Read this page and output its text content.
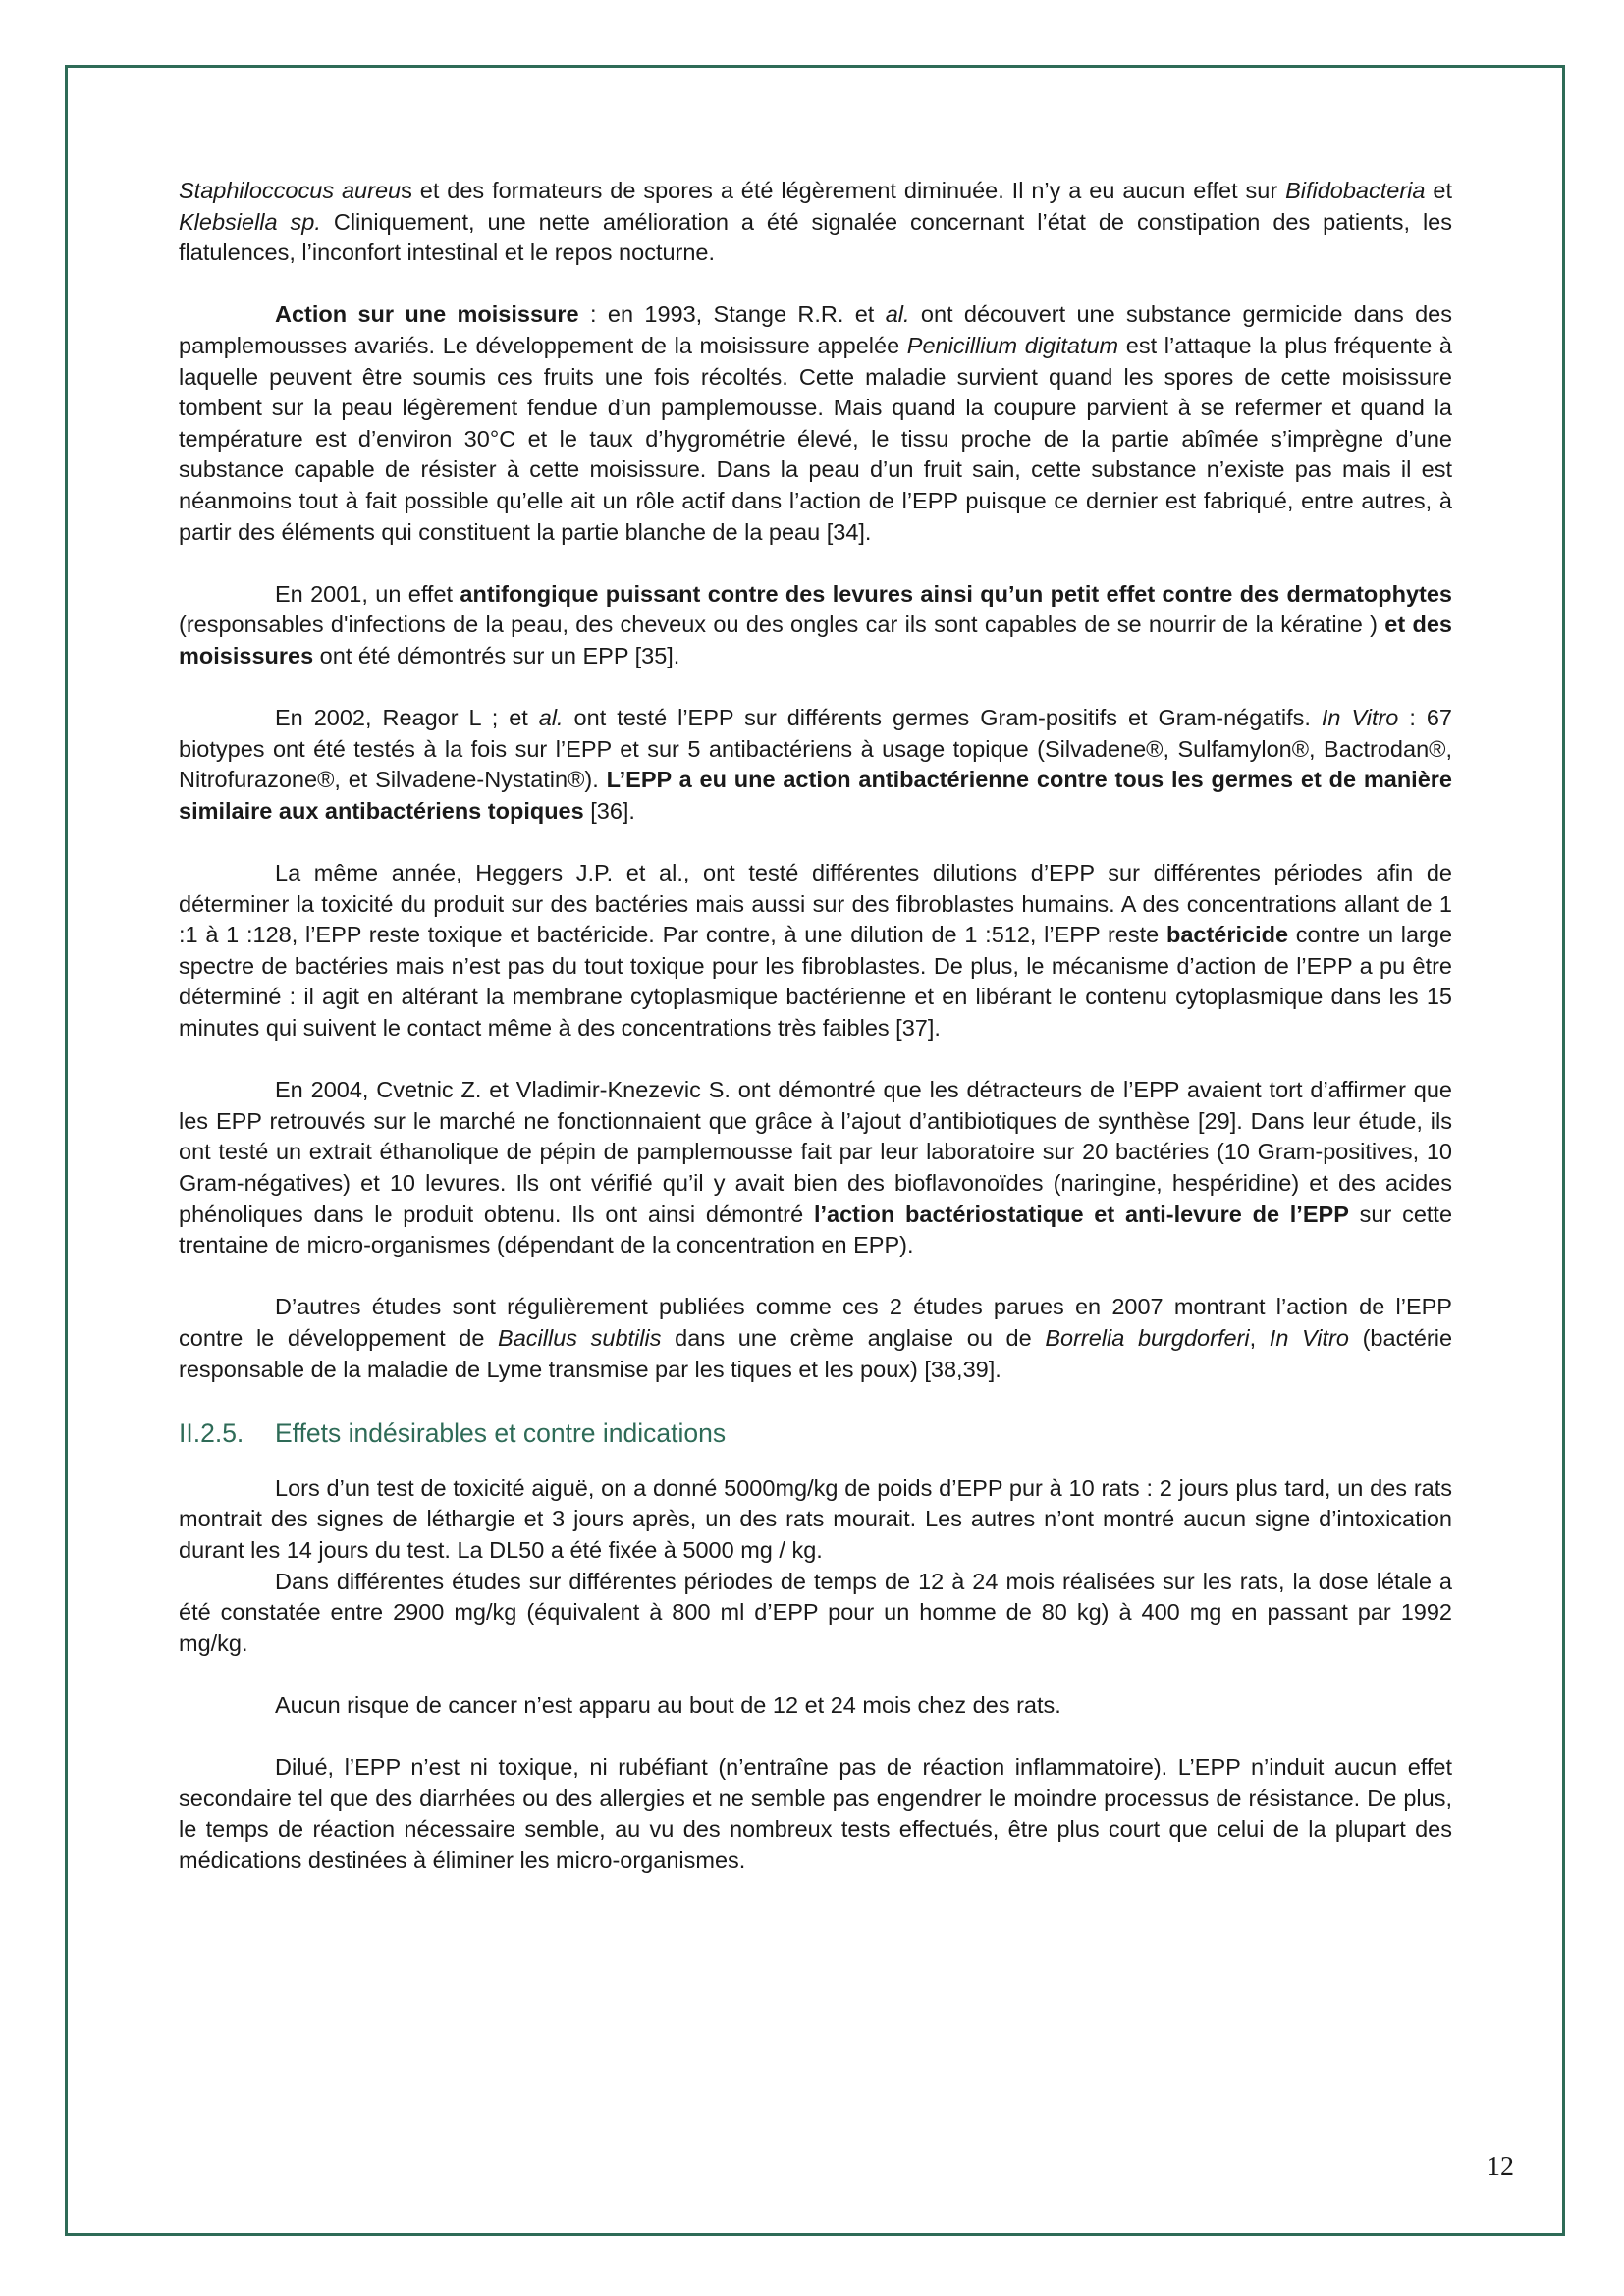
Staphiloccocus aureus et des formateurs de spores a été légèrement diminuée. Il n’y a eu aucun effet sur Bifidobacteria et Klebsiella sp. Cliniquement, une nette amélioration a été signalée concernant l’état de constipation des patients, les flatulences, l’inconfort intestinal et le repos nocturne.

Action sur une moisissure : en 1993, Stange R.R. et al. ont découvert une substance germicide dans des pamplemousses avariés. Le développement de la moisissure appelée Penicillium digitatum est l’attaque la plus fréquente à laquelle peuvent être soumis ces fruits une fois récoltés. Cette maladie survient quand les spores de cette moisissure tombent sur la peau légèrement fendue d’un pamplemousse. Mais quand la coupure parvient à se refermer et quand la température est d’environ 30°C et le taux d’hygrométrie élevé, le tissu proche de la partie abîmée s’imprègne d’une substance capable de résister à cette moisissure. Dans la peau d’un fruit sain, cette substance n’existe pas mais il est néanmoins tout à fait possible qu’elle ait un rôle actif dans l’action de l’EPP puisque ce dernier est fabriqué, entre autres, à partir des éléments qui constituent la partie blanche de la peau [34].

En 2001, un effet antifongique puissant contre des levures ainsi qu’un petit effet contre des dermatophytes (responsables d'infections de la peau, des cheveux ou des ongles car ils sont capables de se nourrir de la kératine ) et des moisissures ont été démontrés sur un EPP [35].

En 2002, Reagor L ; et al. ont testé l’EPP sur différents germes Gram-positifs et Gram-négatifs. In Vitro : 67 biotypes ont été testés à la fois sur l’EPP et sur 5 antibactériens à usage topique (Silvadene®, Sulfamylon®, Bactrodan®, Nitrofurazone®, et Silvadene-Nystatin®). L’EPP a eu une action antibactérienne contre tous les germes et de manière similaire aux antibactériens topiques [36].

La même année, Heggers J.P. et al., ont testé différentes dilutions d’EPP sur différentes périodes afin de déterminer la toxicité du produit sur des bactéries mais aussi sur des fibroblastes humains. A des concentrations allant de 1 :1 à 1 :128, l’EPP reste toxique et bactéricide. Par contre, à une dilution de 1 :512, l’EPP reste bactéricide contre un large spectre de bactéries mais n’est pas du tout toxique pour les fibroblastes. De plus, le mécanisme d’action de l’EPP a pu être déterminé : il agit en altérant la membrane cytoplasmique bactérienne et en libérant le contenu cytoplasmique dans les 15 minutes qui suivent le contact même à des concentrations très faibles [37].

En 2004, Cvetnic Z. et Vladimir-Knezevic S. ont démontré que les détracteurs de l’EPP avaient tort d’affirmer que les EPP retrouvés sur le marché ne fonctionnaient que grâce à l’ajout d’antibiotiques de synthèse [29]. Dans leur étude, ils ont testé un extrait éthanolique de pépin de pamplemousse fait par leur laboratoire sur 20 bactéries (10 Gram-positives, 10 Gram-négatives) et 10 levures. Ils ont vérifié qu’il y avait bien des bioflavonoïdes (naringine, hespéridine) et des acides phénoliques dans le produit obtenu. Ils ont ainsi démontré l’action bactériostatique et anti-levure de l’EPP sur cette trentaine de micro-organismes (dépendant de la concentration en EPP).

D’autres études sont régulièrement publiées comme ces 2 études parues en 2007 montrant l’action de l’EPP contre le développement de Bacillus subtilis dans une crème anglaise ou de Borrelia burgdorferi, In Vitro (bactérie responsable de la maladie de Lyme transmise par les tiques et les poux) [38,39].

II.2.5. Effets indésirables et contre indications

Lors d’un test de toxicité aiguë, on a donné 5000mg/kg de poids d’EPP pur à 10 rats : 2 jours plus tard, un des rats montrait des signes de léthargie et 3 jours après, un des rats mourait. Les autres n’ont montré aucun signe d’intoxication durant les 14 jours du test. La DL50 a été fixée à 5000 mg / kg.

Dans différentes études sur différentes périodes de temps de 12 à 24 mois réalisées sur les rats, la dose létale a été constatée entre 2900 mg/kg (équivalent à 800 ml d’EPP pour un homme de 80 kg) à 400 mg en passant par 1992 mg/kg.

Aucun risque de cancer n’est apparu au bout de 12 et 24 mois chez des rats.

Dilué, l’EPP n’est ni toxique, ni rubéfiant (n’entraîne pas de réaction inflammatoire). L’EPP n’induit aucun effet secondaire tel que des diarrhées ou des allergies et ne semble pas engendrer le moindre processus de résistance. De plus, le temps de réaction nécessaire semble, au vu des nombreux tests effectués, être plus court que celui de la plupart des médications destinées à éliminer les micro-organismes.

12
